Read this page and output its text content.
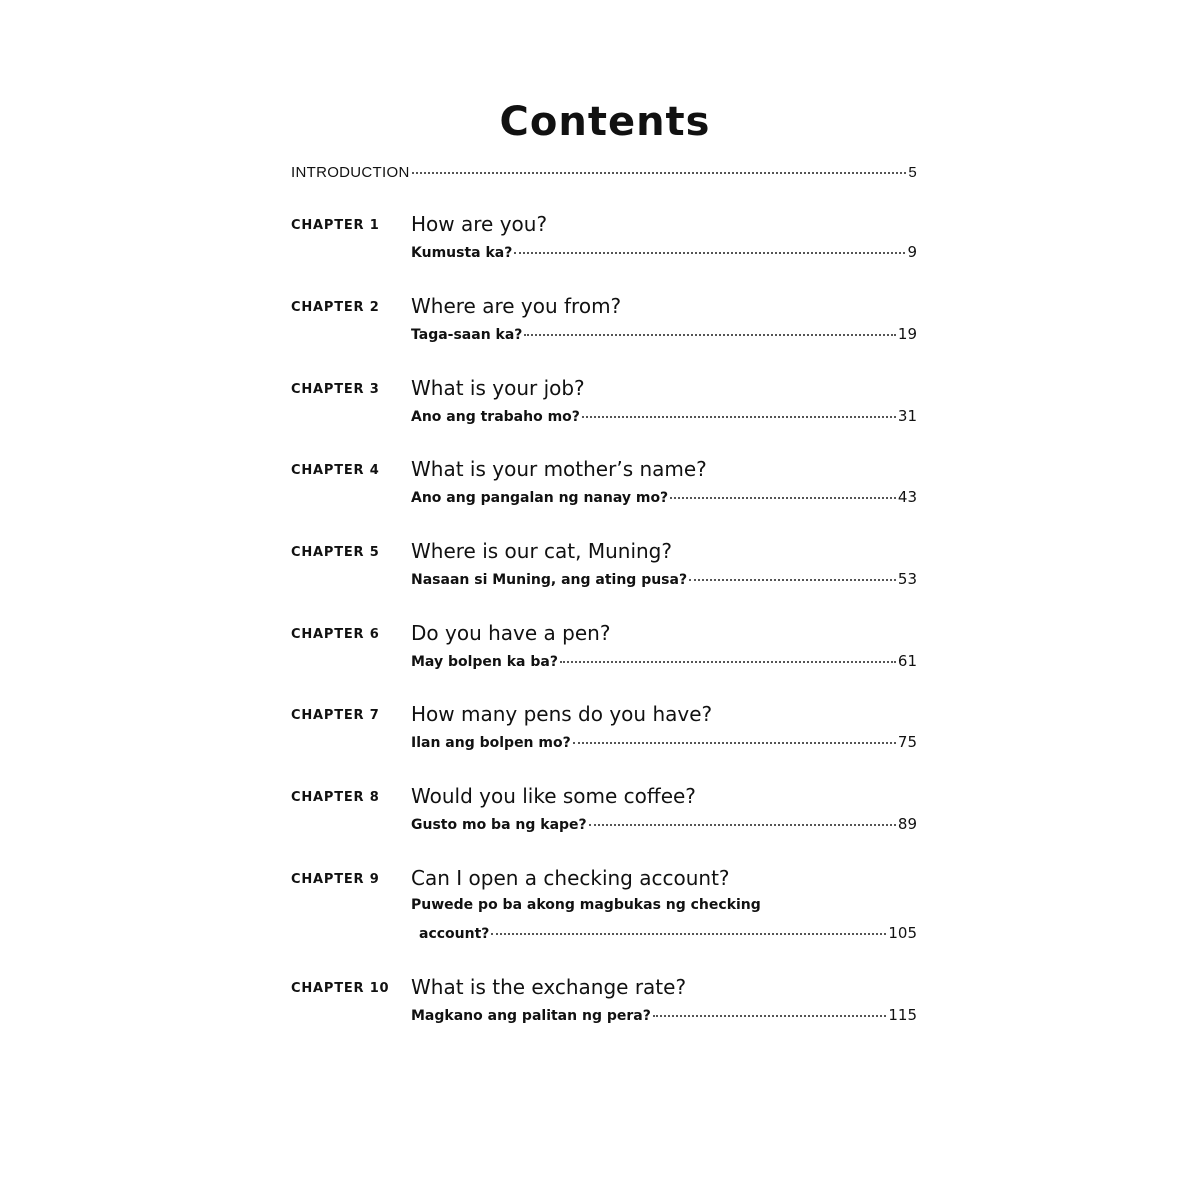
Contents
INTRODUCTION	5
CHAPTER 1 How are you?
Kumusta ka?	9
CHAPTER 2 Where are you from?
Taga-saan ka?	19
CHAPTER 3 What is your job?
Ano ang trabaho mo?	31
CHAPTER 4 What is your mother’s name?
Ano ang pangalan ng nanay mo?	43
CHAPTER 5 Where is our cat, Muning?
Nasaan si Muning, ang ating pusa?	53
CHAPTER 6 Do you have a pen?
May bolpen ka ba?	61
CHAPTER 7 How many pens do you have?
Ilan ang bolpen mo?	75
CHAPTER 8 Would you like some coffee?
Gusto mo ba ng kape?	89
CHAPTER 9 Can I open a checking account?
Puwede po ba akong magbukas ng checking
account?	105
CHAPTER 10 What is the exchange rate?
Magkano ang palitan ng pera?	115
